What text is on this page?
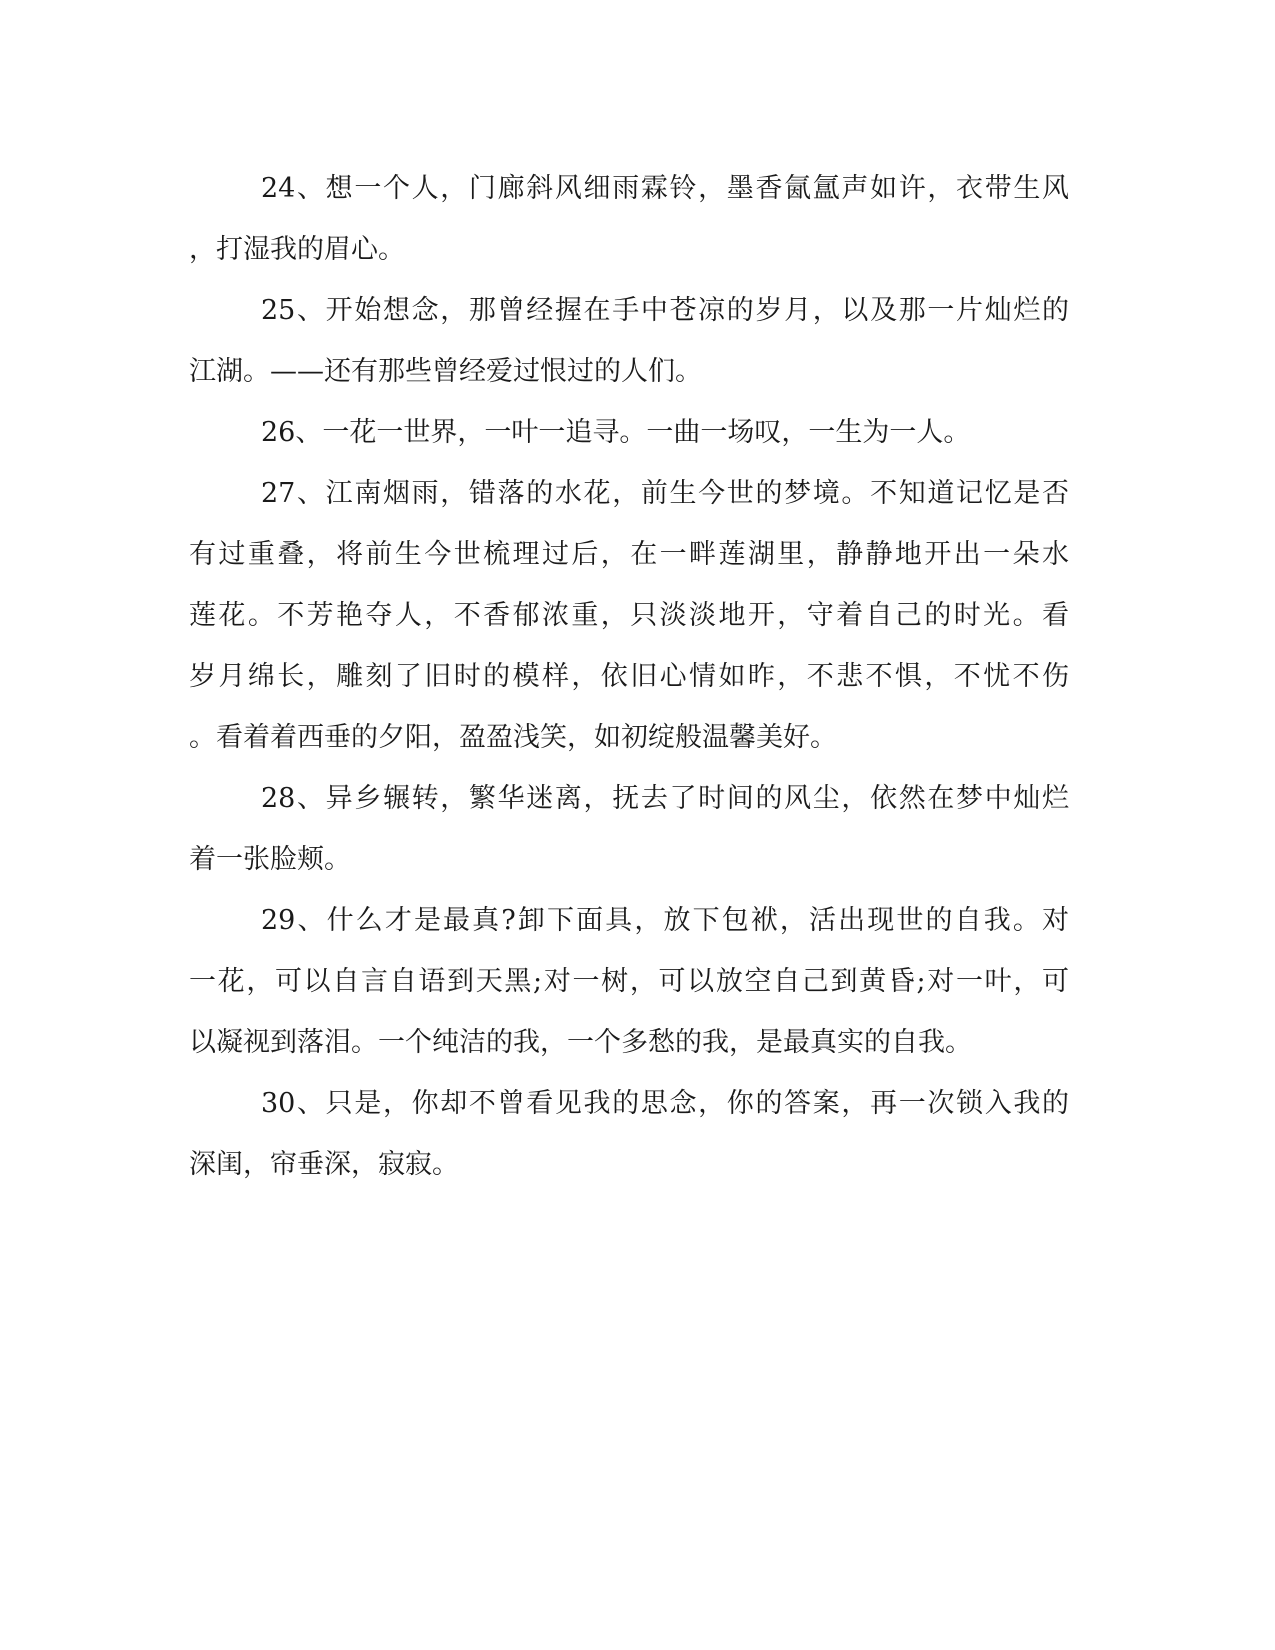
24、想一个人，门廊斜风细雨霖铃，墨香氤氲声如许，衣带生风
，打湿我的眉心。
25、开始想念，那曾经握在手中苍凉的岁月，以及那一片灿烂的
江湖。——还有那些曾经爱过恨过的人们。
26、一花一世界，一叶一追寻。一曲一场叹，一生为一人。
27、江南烟雨，错落的水花，前生今世的梦境。不知道记忆是否
有过重叠，将前生今世梳理过后，在一畔莲湖里，静静地开出一朵水
莲花。不芳艳夺人，不香郁浓重，只淡淡地开，守着自己的时光。看
岁月绵长，雕刻了旧时的模样，依旧心情如昨，不悲不惧，不忧不伤
。看着着西垂的夕阳，盈盈浅笑，如初绽般温馨美好。
28、异乡辗转，繁华迷离，抚去了时间的风尘，依然在梦中灿烂
着一张脸颊。
29、什么才是最真?卸下面具，放下包袱，活出现世的自我。对
一花，可以自言自语到天黑;对一树，可以放空自己到黄昏;对一叶，可
以凝视到落泪。一个纯洁的我，一个多愁的我，是最真实的自我。
30、只是，你却不曾看见我的思念，你的答案，再一次锁入我的
深闺，帘垂深，寂寂。
